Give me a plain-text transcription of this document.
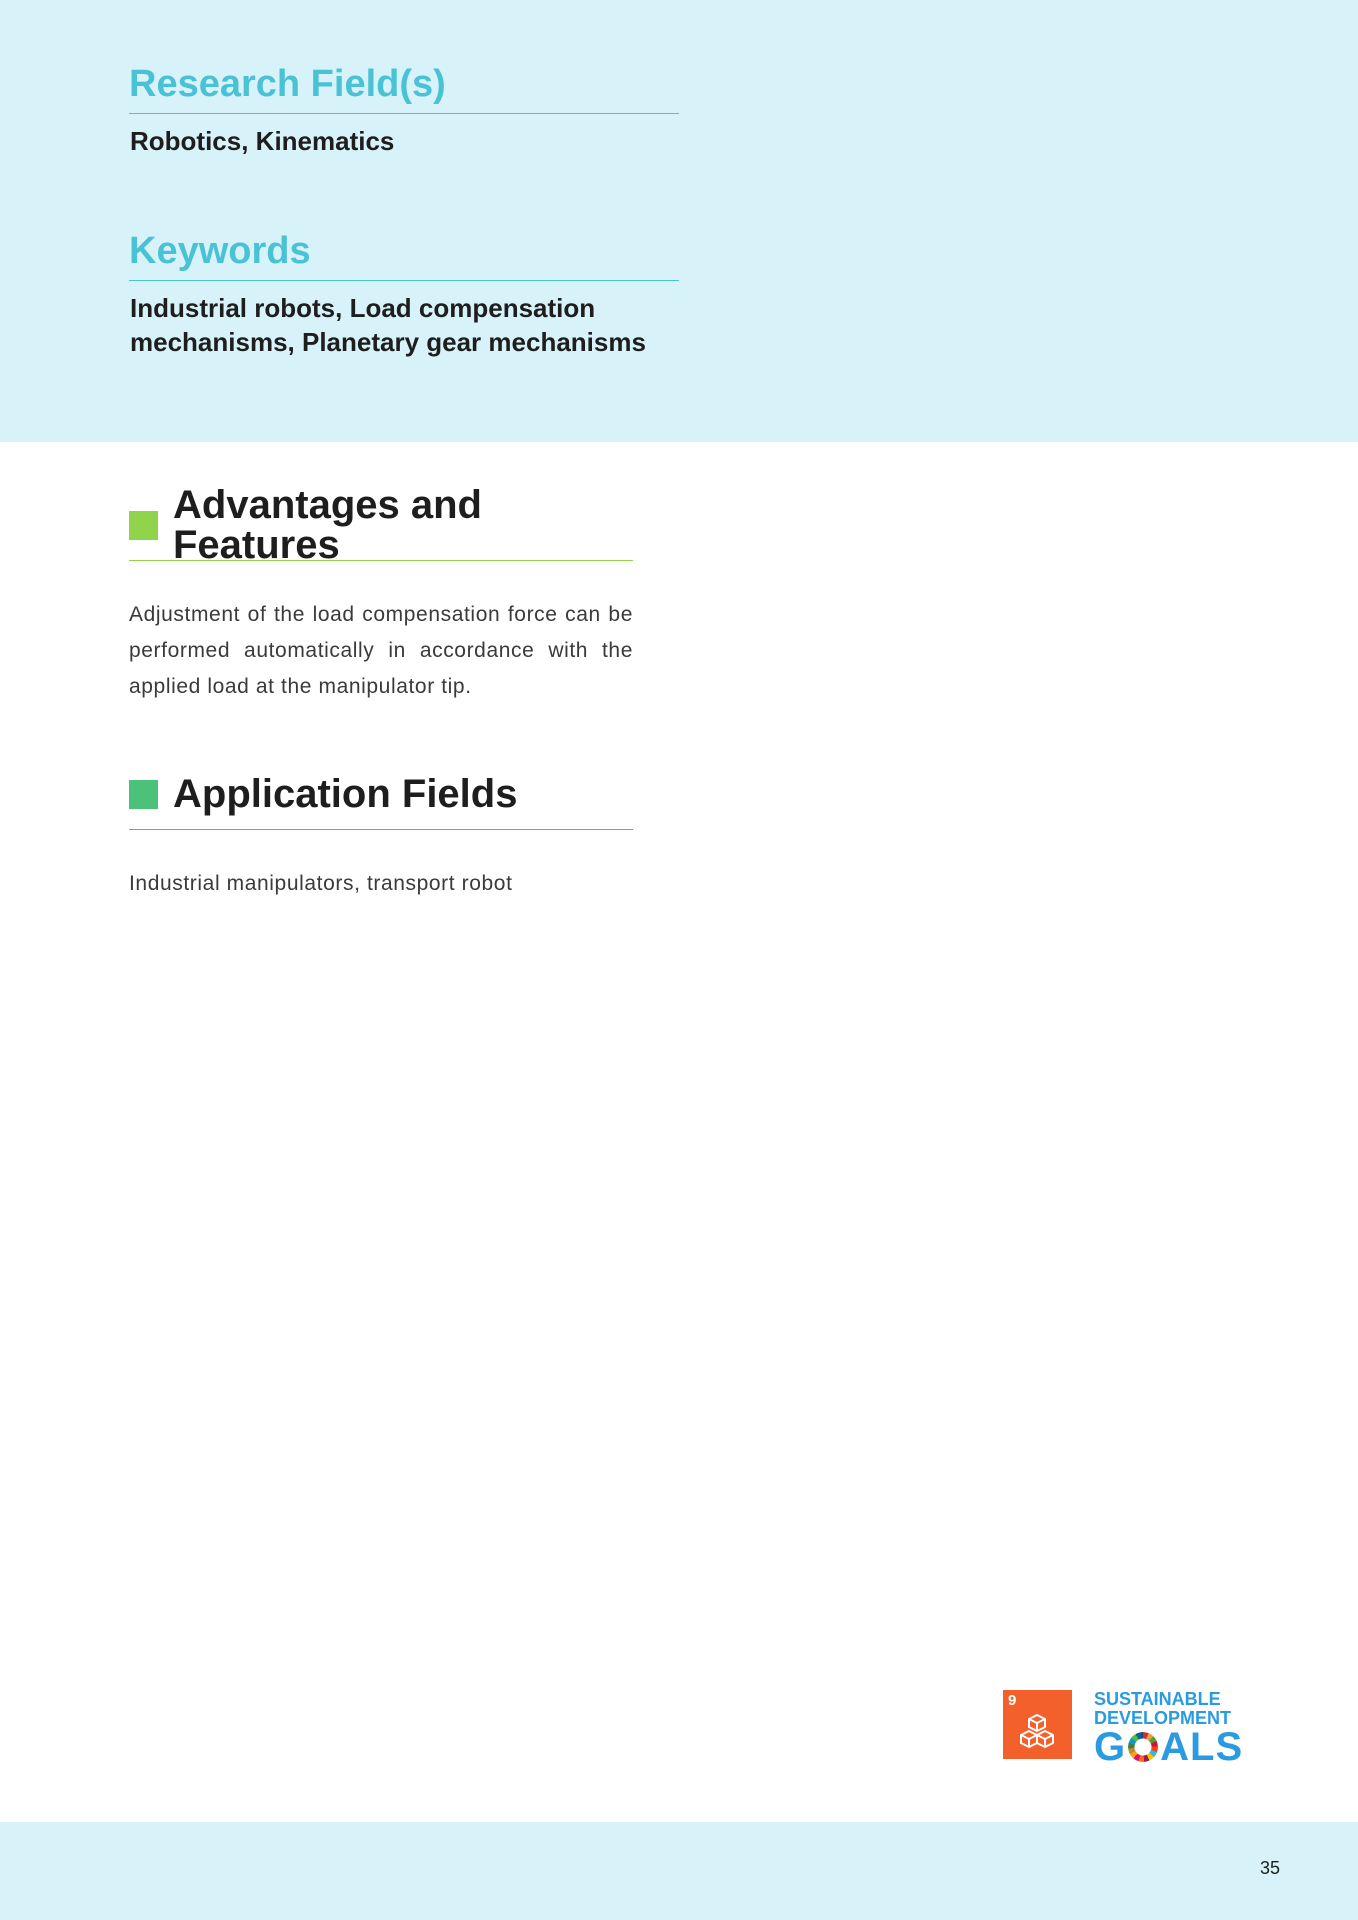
Research Field(s)
Robotics, Kinematics
Keywords
Industrial robots, Load compensation mechanisms, Planetary gear mechanisms
Advantages and Features

Adjustment of the load compensation force can be performed automatically in accordance with the applied load at the manipulator tip.

Application Fields

Industrial manipulators, transport robot

9	SUSTAINABLE
DEVELOPMENT
G ALS
35
